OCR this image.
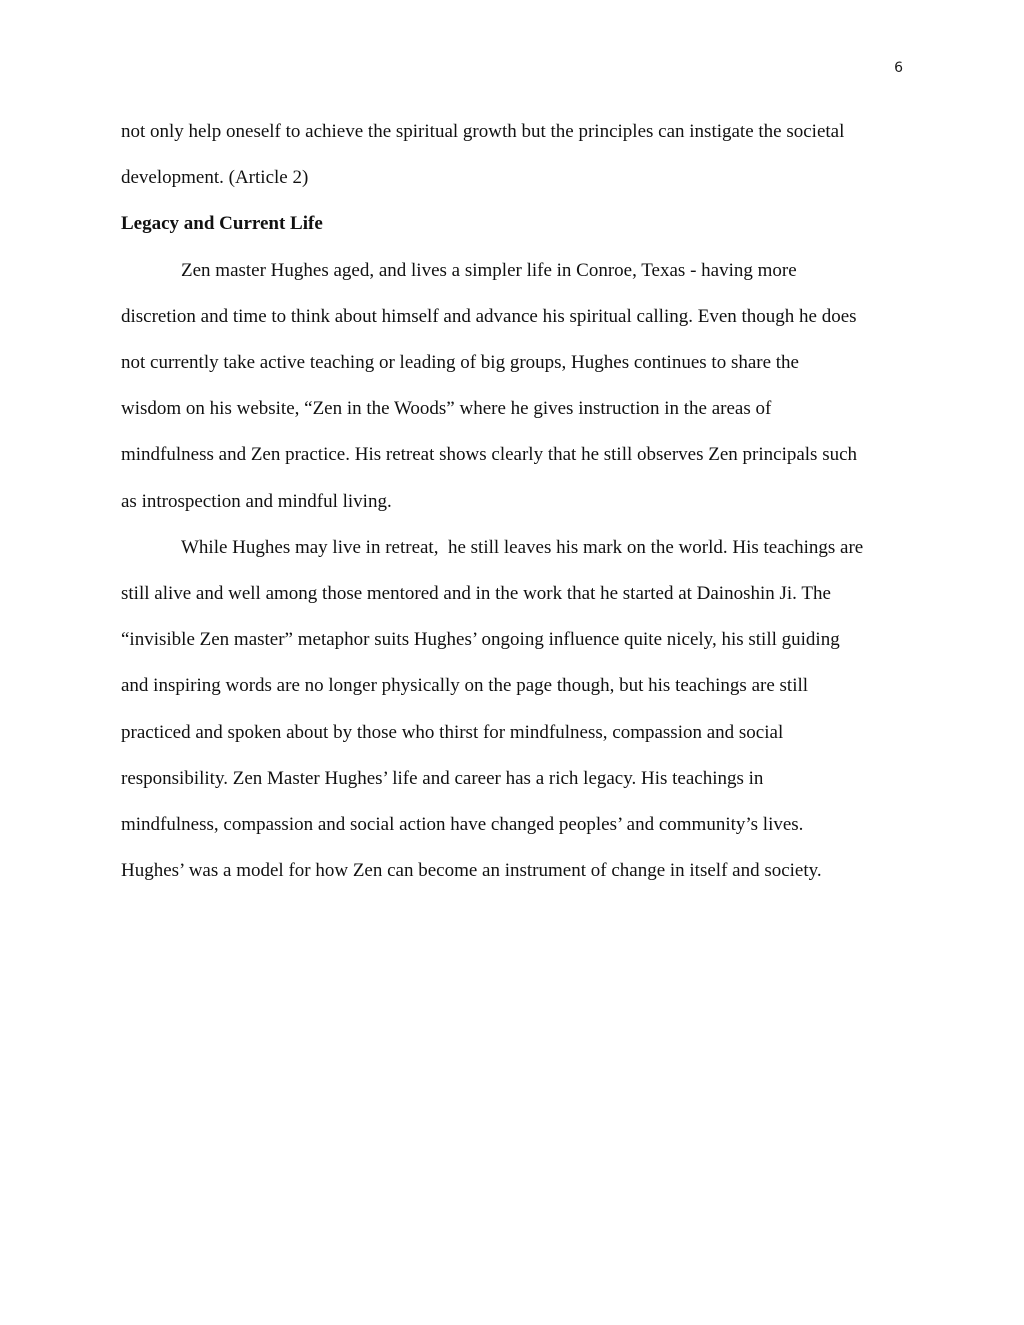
6

not only help oneself to achieve the spiritual growth but the principles can instigate the societal
development. (Article 2)

Legacy and Current Life

Zen master Hughes aged, and lives a simpler life in Conroe, Texas - having more
discretion and time to think about himself and advance his spiritual calling. Even though he does
not currently take active teaching or leading of big groups, Hughes continues to share the
wisdom on his website, “Zen in the Woods” where he gives instruction in the areas of
mindfulness and Zen practice. His retreat shows clearly that he still observes Zen principals such
as introspection and mindful living.

While Hughes may live in retreat,  he still leaves his mark on the world. His teachings are
still alive and well among those mentored and in the work that he started at Dainoshin Ji. The
“invisible Zen master” metaphor suits Hughes’ ongoing influence quite nicely, his still guiding
and inspiring words are no longer physically on the page though, but his teachings are still
practiced and spoken about by those who thirst for mindfulness, compassion and social
responsibility. Zen Master Hughes’ life and career has a rich legacy. His teachings in
mindfulness, compassion and social action have changed peoples’ and community’s lives.
Hughes’ was a model for how Zen can become an instrument of change in itself and society.
